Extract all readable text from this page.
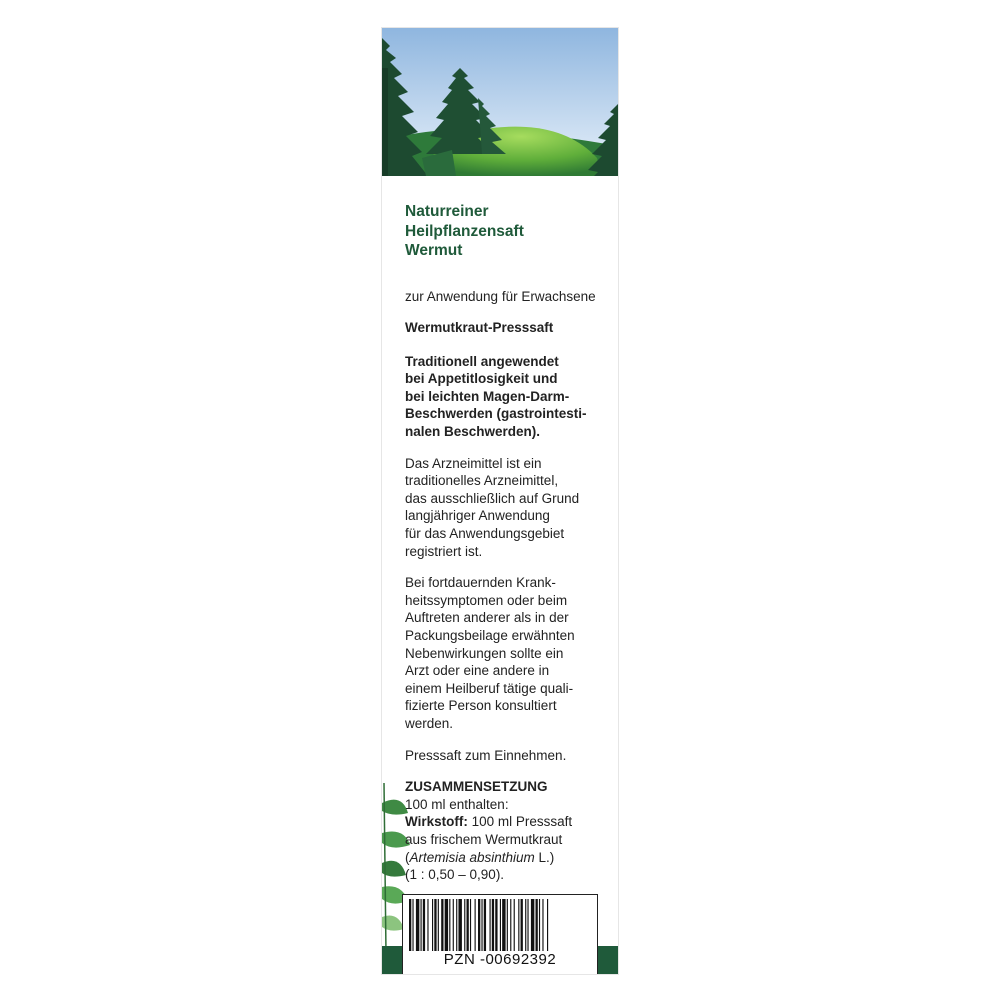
Naturreiner
Heilpflanzensaft
Wermut
zur Anwendung für Erwachsene
Wermutkraut-Presssaft
Traditionell angewendet
bei Appetitlosigkeit und
bei leichten Magen-Darm-
Beschwerden (gastrointesti-
nalen Beschwerden).
Das Arzneimittel ist ein
traditionelles Arzneimittel,
das ausschließlich auf Grund
langjähriger Anwendung
für das Anwendungsgebiet
registriert ist.
Bei fortdauernden Krank-
heitssymptomen oder beim
Auftreten anderer als in der
Packungsbeilage erwähnten
Nebenwirkungen sollte ein
Arzt oder eine andere in
einem Heilberuf tätige quali-
fizierte Person konsultiert
werden.
Presssaft zum Einnehmen.
ZUSAMMENSETZUNG
100 ml enthalten:
Wirkstoff: 100 ml Presssaft
aus frischem Wermutkraut
(Artemisia absinthium L.)
(1 : 0,50 – 0,90).
PZN -00692392
